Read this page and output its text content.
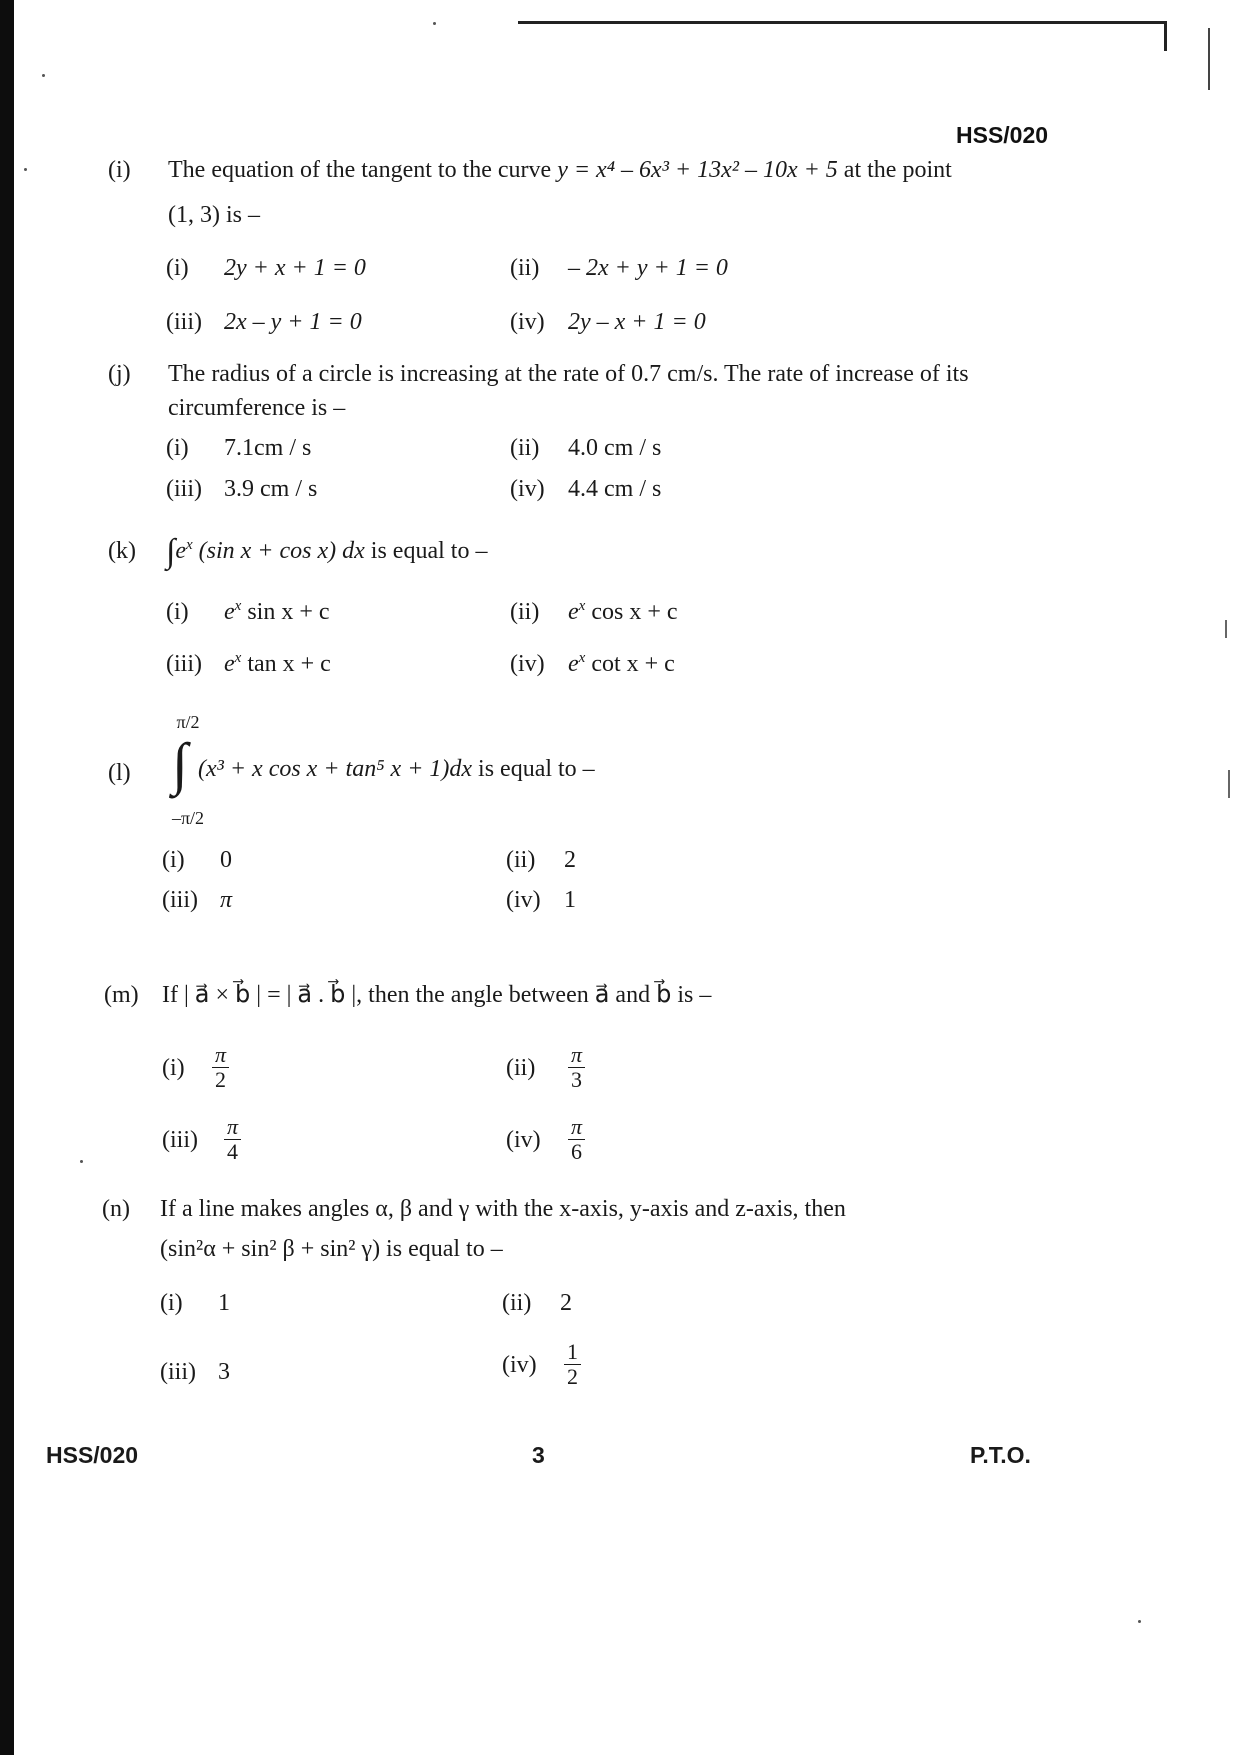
HSS/020
(i) The equation of the tangent to the curve y = x⁴ – 6x³ + 13x² – 10x + 5 at the point
(1, 3) is –
(i) 2y + x + 1 = 0	(ii) – 2x + y + 1 = 0
(iii) 2x – y + 1 = 0	(iv) 2y – x + 1 = 0
(j) The radius of a circle is increasing at the rate of 0.7 cm/s. The rate of increase of its
circumference is –
(i) 7.1cm / s	(ii) 4.0 cm / s
(iii) 3.9 cm / s	(iv) 4.4 cm / s
(k) $\int e^x$ (sin x + cos x) dx is equal to –
(i) $e^x$ sin x + c	(ii) $e^x$ cos x + c
(iii) $e^x$ tan x + c	(iv) $e^x$ cot x + c
(l)
π/2
∫
–π/2
(x³ + x cos x + tan⁵ x + 1)dx is equal to –
(i) 0	(ii) 2
(iii) π	(iv) 1
(m) If | a⃗ × b⃗ | = | a⃗ . b⃗ |, then the angle between a⃗ and b⃗ is –
$(i) \frac{\pi}{2}$	$(ii) \frac{\pi}{3}$
$(iii) \frac{\pi}{4}$	$(iv) \frac{\pi}{6}$
(n) If a line makes angles α, β and γ with the x-axis, y-axis and z-axis, then
(sin²α + sin² β + sin² γ) is equal to –
(i) 1	(ii) 2
(iii) 3	$(iv) \frac{1}{2}$
HSS/020	3	P.T.O.
